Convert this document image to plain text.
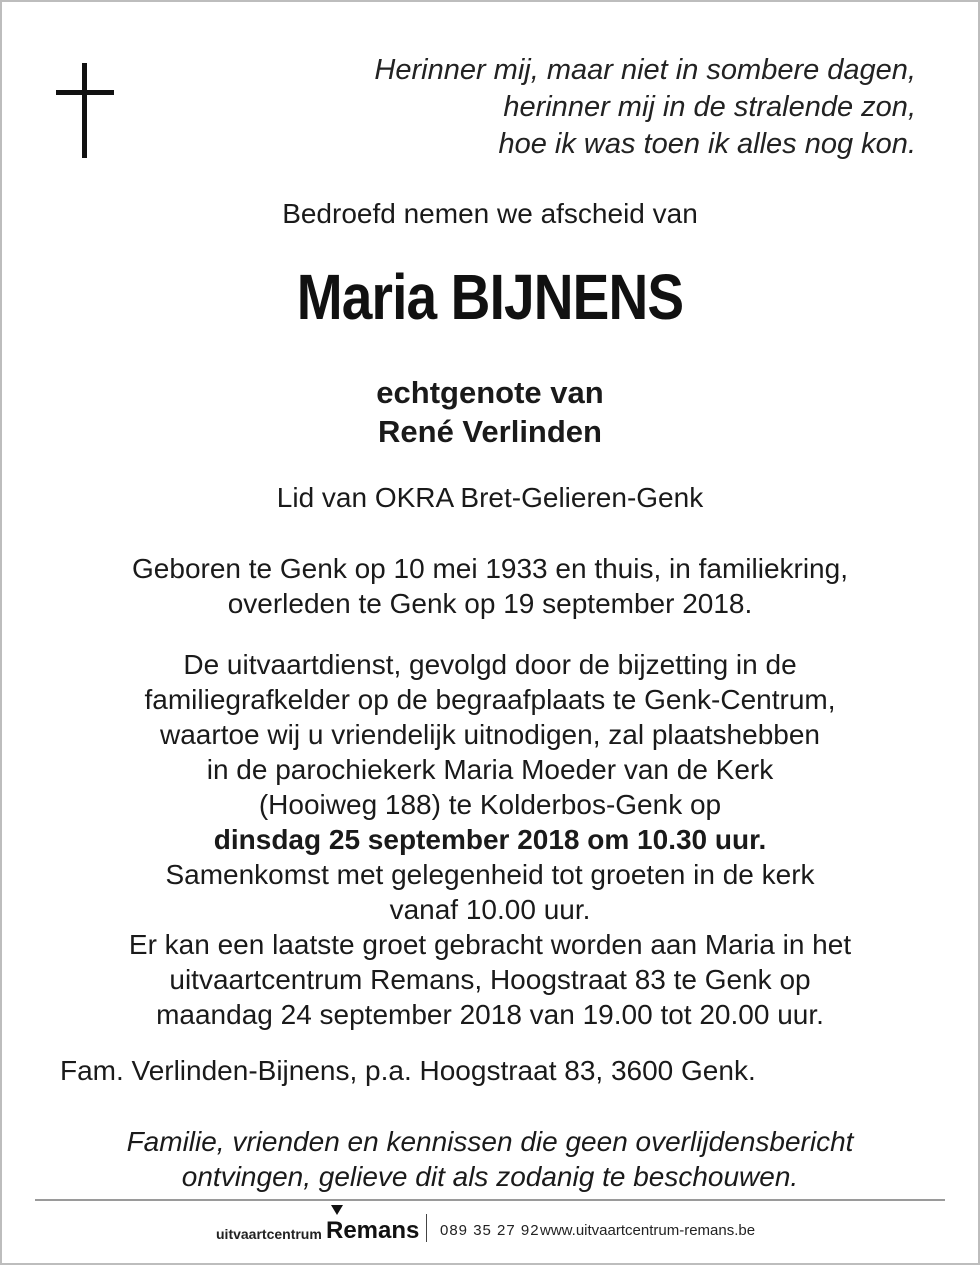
Herinner mij, maar niet in sombere dagen,
herinner mij in de stralende zon,
hoe ik was toen ik alles nog kon.
Bedroefd nemen we afscheid van
Maria BIJNENS
echtgenote van
René Verlinden
Lid van OKRA Bret-Gelieren-Genk
Geboren te Genk op 10 mei 1933 en thuis, in familiekring,
overleden te Genk op 19 september 2018.
De uitvaartdienst, gevolgd door de bijzetting in de
familiegrafkelder op de begraafplaats te Genk-Centrum,
waartoe wij u vriendelijk uitnodigen, zal plaatshebben
in de parochiekerk Maria Moeder van de Kerk
(Hooiweg 188) te Kolderbos-Genk op
dinsdag 25 september 2018 om 10.30 uur.
Samenkomst met gelegenheid tot groeten in de kerk
vanaf 10.00 uur.
Er kan een laatste groet gebracht worden aan Maria in het
uitvaartcentrum Remans, Hoogstraat 83 te Genk op
maandag 24 september 2018 van 19.00 tot 20.00 uur.
Fam. Verlinden-Bijnens, p.a. Hoogstraat 83, 3600 Genk.
Familie, vrienden en kennissen die geen overlijdensbericht
ontvingen, gelieve dit als zodanig te beschouwen.
uitvaartcentrum Remans 089 35 27 92 www.uitvaartcentrum-remans.be
